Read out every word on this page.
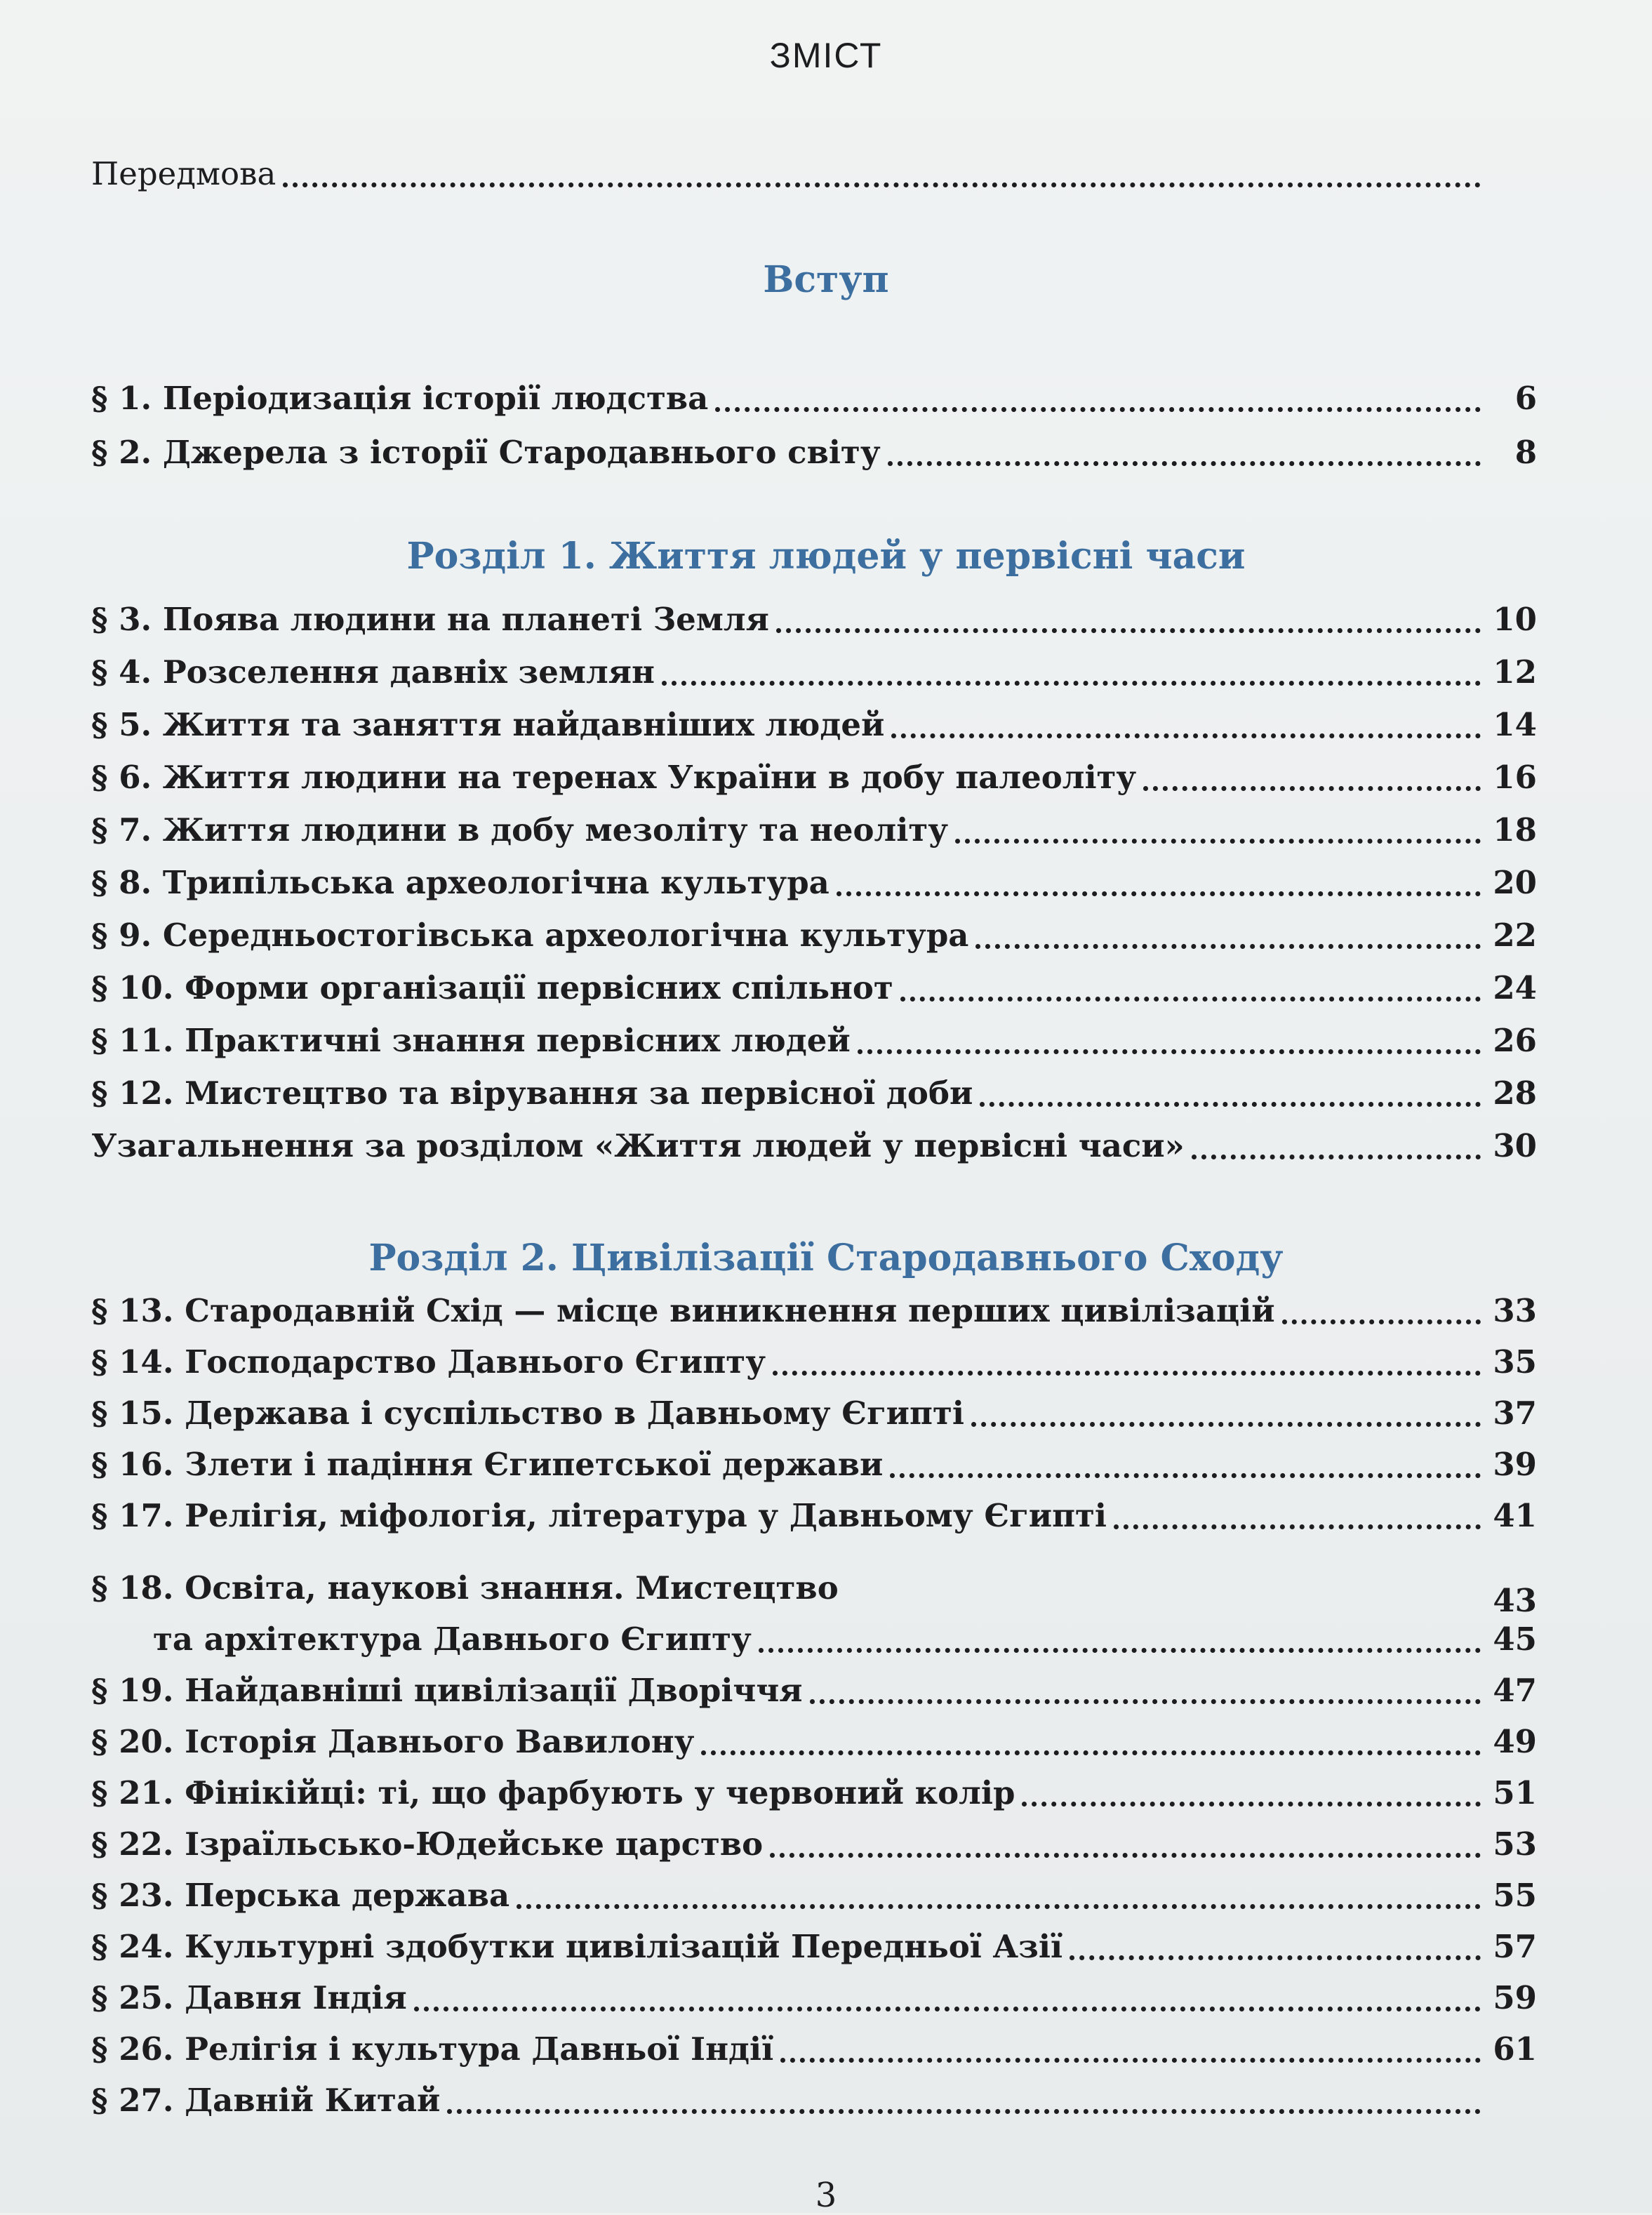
ЗМІСТ
Передмова
Вступ
§ 1. Періодизація історії людства	6
§ 2. Джерела з історії Стародавнього світу	8
Розділ 1. Життя людей у первісні часи
§ 3. Поява людини на планеті Земля	10
§ 4. Розселення давніх землян	12
§ 5. Життя та заняття найдавніших людей	14
§ 6. Життя людини на теренах України в добу палеоліту	16
§ 7. Життя людини в добу мезоліту та неоліту	18
§ 8. Трипільська археологічна культура	20
§ 9. Середньостогівська археологічна культура	22
§ 10. Форми організації первісних спільнот	24
§ 11. Практичні знання первісних людей	26
§ 12. Мистецтво та вірування за первісної доби	28
Узагальнення за розділом «Життя людей у первісні часи»	30
Розділ 2. Цивілізації Стародавнього Сходу
§ 13. Стародавній Схід — місце виникнення перших цивілізацій	33
§ 14. Господарство Давнього Єгипту	35
§ 15. Держава і суспільство в Давньому Єгипті	37
§ 16. Злети і падіння Єгипетської держави	39
§ 17. Релігія, міфологія, література у Давньому Єгипті	41
§ 18. Освіта, наукові знання. Мистецтво	43
та архітектура Давнього Єгипту	45
§ 19. Найдавніші цивілізації Дворіччя	47
§ 20. Історія Давнього Вавилону	49
§ 21. Фінікійці: ті, що фарбують у червоний колір	51
§ 22. Ізраїльсько-Юдейське царство	53
§ 23. Перська держава	55
§ 24. Культурні здобутки цивілізацій Передньої Азії	57
§ 25. Давня Індія	59
§ 26. Релігія і культура Давньої Індії	61
§ 27. Давній Китай
3
